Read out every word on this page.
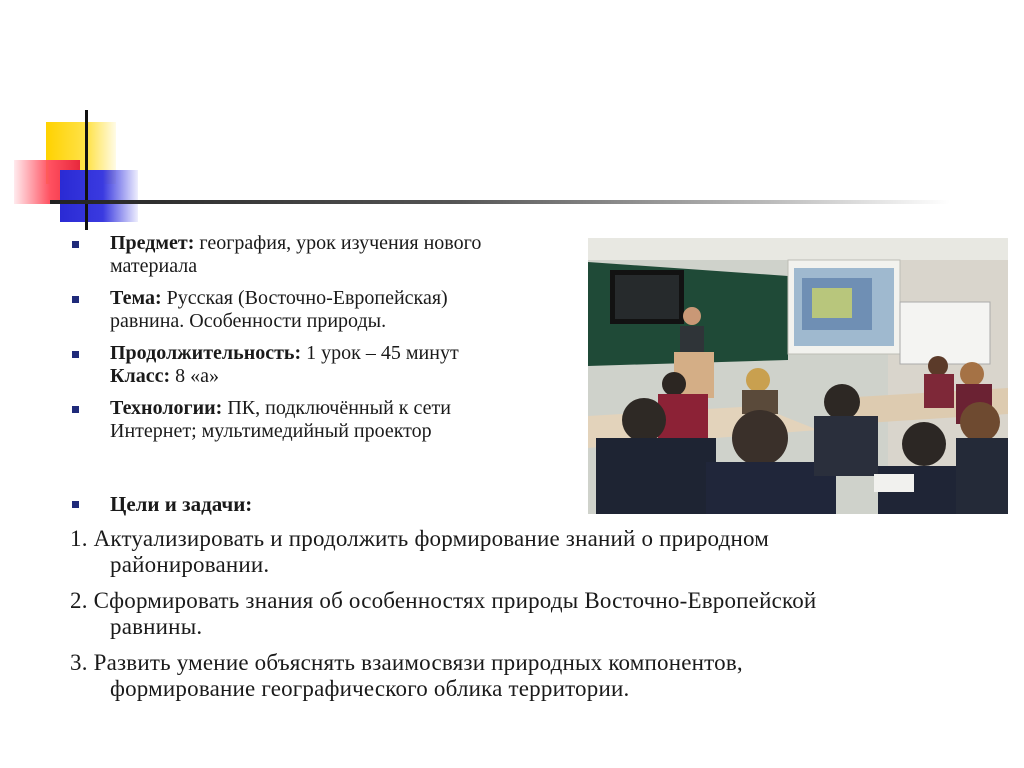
Предмет: география, урок изучения нового
материала
Тема: Русская (Восточно-Европейская)
равнина. Особенности природы.
Продолжительность: 1 урок – 45 минут
Класс: 8 «а»
Технологии: ПК, подключённый к сети
Интернет; мультимедийный проектор
Цели и задачи:
1. Актуализировать и продолжить формирование знаний о природном
районировании.
2. Сформировать знания об особенностях природы Восточно-Европейской
равнины.
3. Развить умение объяснять взаимосвязи природных компонентов,
формирование географического облика территории.
